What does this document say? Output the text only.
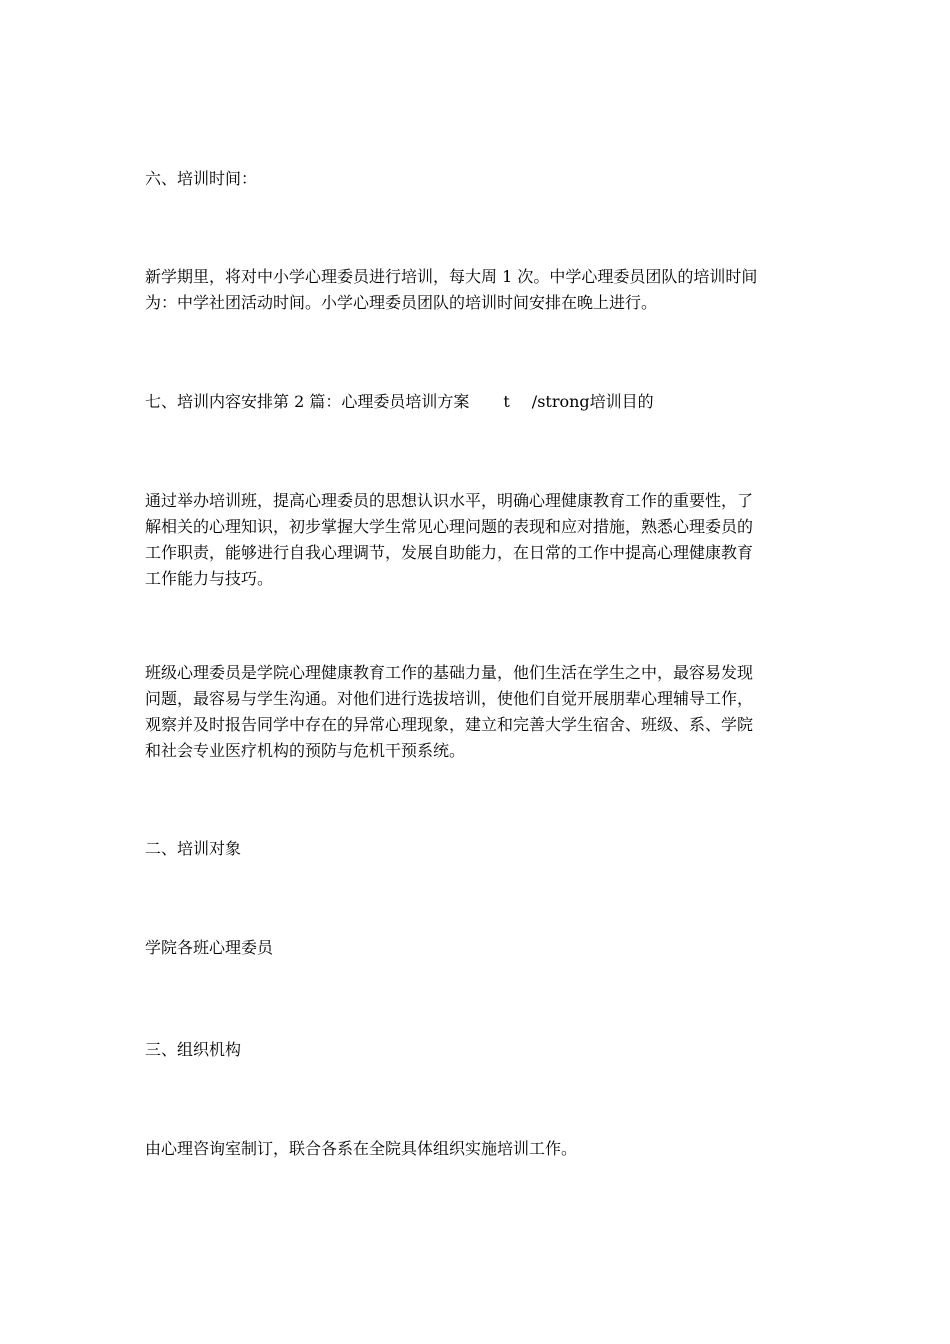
六、培训时间：
新学期里，将对中小学心理委员进行培训，每大周 1 次。中学心理委员团队的培训时间
为：中学社团活动时间。小学心理委员团队的培训时间安排在晚上进行。
七、培训内容安排第 2 篇：心理委员培训方案 t /strong培训目的
通过举办培训班，提高心理委员的思想认识水平，明确心理健康教育工作的重要性，了
解相关的心理知识，初步掌握大学生常见心理问题的表现和应对措施，熟悉心理委员的
工作职责，能够进行自我心理调节，发展自助能力，在日常的工作中提高心理健康教育
工作能力与技巧。
班级心理委员是学院心理健康教育工作的基础力量，他们生活在学生之中，最容易发现
问题，最容易与学生沟通。对他们进行选拔培训，使他们自觉开展朋辈心理辅导工作，
观察并及时报告同学中存在的异常心理现象，建立和完善大学生宿舍、班级、系、学院
和社会专业医疗机构的预防与危机干预系统。
二、培训对象
学院各班心理委员
三、组织机构
由心理咨询室制订，联合各系在全院具体组织实施培训工作。
